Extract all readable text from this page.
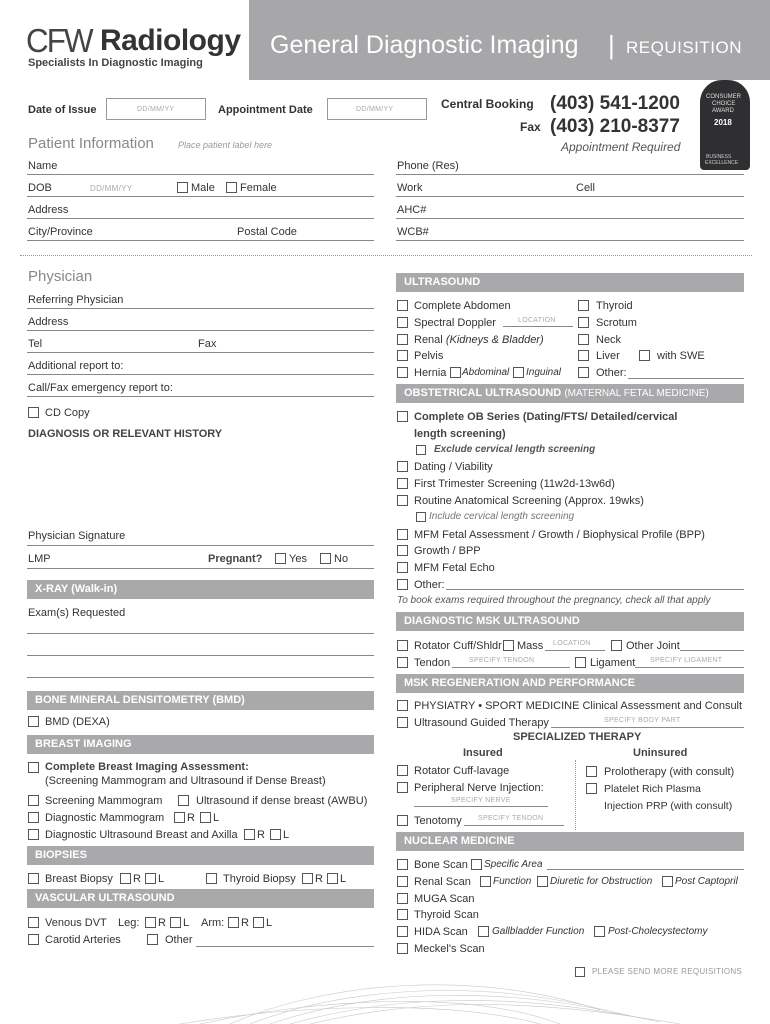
CFW Radiology
Specialists In Diagnostic Imaging
General Diagnostic Imaging | REQUISITION
CONSUMER
CHOICE
AWARD
2018
BUSINESS
EXCELLENCE
Date of Issue	DD/MM/YY	Appointment Date	DD/MM/YY	Central Booking (403) 541-1200
Fax (403) 210-8377
Appointment Required
Patient Information	Place patient label here
Name
DOB	DD/MM/YY	Male Female
Address
City/Province	Postal Code
Phone (Res)
Work	Cell
AHC#
WCB#
Physician
Referring Physician
Address
Tel	Fax
Additional report to:
Call/Fax emergency report to:
CD Copy
DIAGNOSIS OR RELEVANT HISTORY
Physician Signature
LMP	Pregnant? Yes No
X-RAY (Walk-in)
Exam(s) Requested
BONE MINERAL DENSITOMETRY (BMD)
BMD (DEXA)
BREAST IMAGING
Complete Breast Imaging Assessment:
(Screening Mammogram and Ultrasound if Dense Breast)
Screening Mammogram	Ultrasound if dense breast (AWBU)
Diagnostic Mammogram R L
Diagnostic Ultrasound Breast and Axilla R L
BIOPSIES
Breast Biopsy R L	Thyroid Biopsy R L
VASCULAR ULTRASOUND
Venous DVT Leg: R L Arm: R L
Carotid Arteries	Other
ULTRASOUND
Complete Abdomen
Spectral Doppler	LOCATION
Renal (Kidneys & Bladder)
Pelvis
Hernia Abdominal Inguinal
Thyroid
Scrotum
Neck
Liver	with SWE
Other:
OBSTETRICAL ULTRASOUND (MATERNAL FETAL MEDICINE)
Complete OB Series (Dating/FTS/ Detailed/cervical
length screening)
Exclude cervical length screening
Dating / Viability
First Trimester Screening (11w2d-13w6d)
Routine Anatomical Screening (Approx. 19wks)
Include cervical length screening
MFM Fetal Assessment / Growth / Biophysical Profile (BPP)
Growth / BPP
MFM Fetal Echo
Other:
To book exams required throughout the pregnancy, check all that apply
DIAGNOSTIC MSK ULTRASOUND
Rotator Cuff/Shldr Mass LOCATION	Other Joint
Tendon	SPECIFY TENDON	Ligament SPECIFY LIGAMENT
MSK REGENERATION AND PERFORMANCE
PHYSIATRY • SPORT MEDICINE Clinical Assessment and Consult
Ultrasound Guided Therapy	SPECIFY BODY PART
SPECIALIZED THERAPY
Insured	Uninsured
Rotator Cuff-lavage
Peripheral Nerve Injection:
SPECIFY NERVE
Tenotomy SPECIFY TENDON
Prolotherapy (with consult)
Platelet Rich Plasma
Injection PRP (with consult)
NUCLEAR MEDICINE
Bone Scan Specific Area
Renal Scan Function Diuretic for Obstruction Post Captopril
MUGA Scan
Thyroid Scan
HIDA Scan Gallbladder Function Post-Cholecystectomy
Meckel's Scan
PLEASE SEND MORE REQUISITIONS
